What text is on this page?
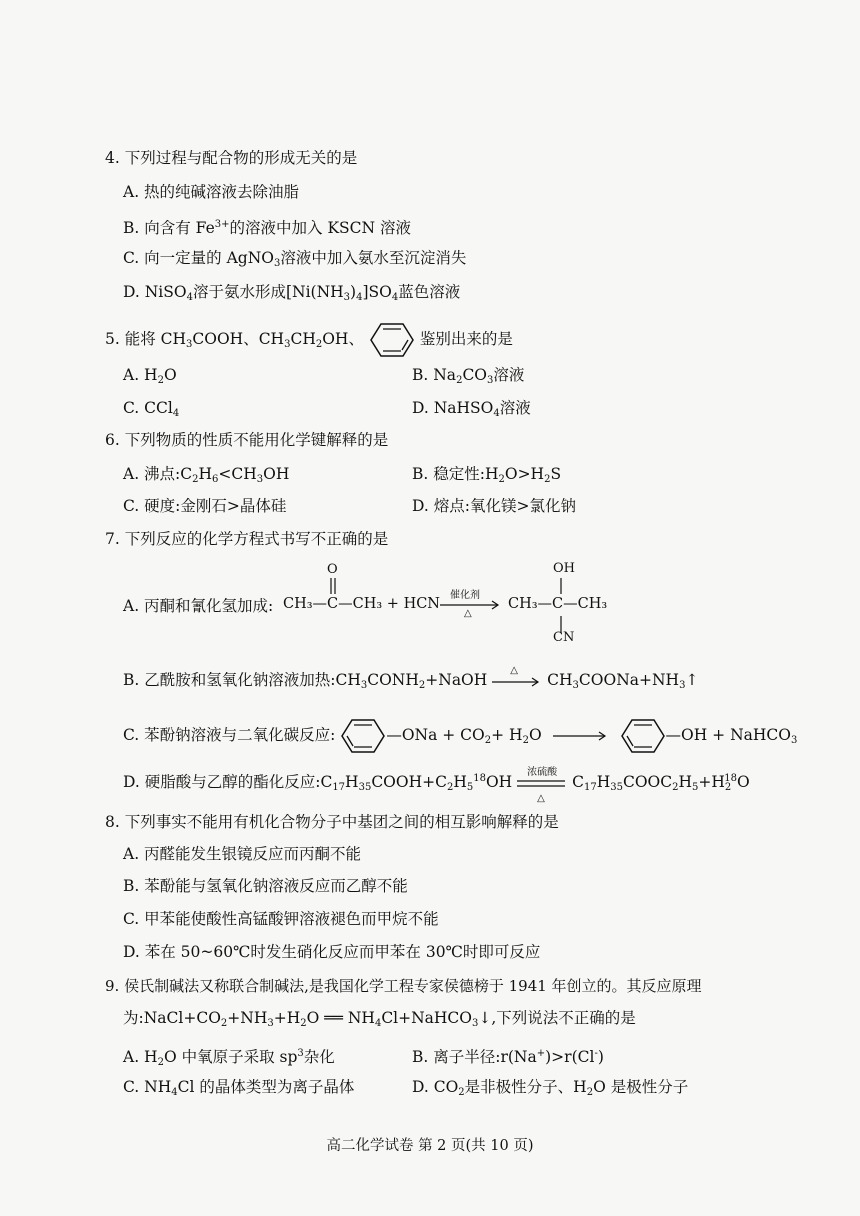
4. 下列过程与配合物的形成无关的是
A. 热的纯碱溶液去除油脂
B. 向含有 $Fe^{3+}$的溶液中加入 KSCN 溶液
C. 向一定量的 AgNO$_3$溶液中加入氨水至沉淀消失
D. NiSO$_4$溶于氨水形成$[Ni(NH_3)_4]SO_4$蓝色溶液
5. 能将 $CH_3COOH$、$CH_3CH_2OH$、	鉴别出来的是
A. $H_2O$	B. $Na_2CO_3$溶液
C. CCl$_4$	D. NaHSO$_4$溶液
6. 下列物质的性质不能用化学键解释的是
A. 沸点$:C_2H_6<CH_3OH$	B. 稳定性$:H_2O>H_2S$
C. 硬度:金刚石>晶体硅	D. 熔点:氧化镁>氯化钠
7. 下列反应的化学方程式书写不正确的是
A. 丙酮和氰化氢加成: CH₃—C—CH₃ + HCN
O
催化剂
△
CH₃—C—CH₃
OH
CN
B. 乙酰胺和氢氧化钠溶液加热$:CH_3CONH_2+NaOH$
△
$CH_3COONa+NH_3↑$
C. 苯酚钠溶液与二氧化碳反应:	—ONa + $CO_2+ H_2O$	—OH + NaHCO$_3$
D. 硬脂酸与乙醇的酯化反应$:C_{17}H_{35}COOH+C_2H_5^{18}OH$
浓硫酸
△
$C_{17}H_{35}COOC_2H_5+H_2^{18}O$
8. 下列事实不能用有机化合物分子中基团之间的相互影响解释的是
A. 丙醛能发生银镜反应而丙酮不能
B. 苯酚能与氢氧化钠溶液反应而乙醇不能
C. 甲苯能使酸性高锰酸钾溶液褪色而甲烷不能
D. 苯在 50~60℃时发生硝化反应而甲苯在 30℃时即可反应
9. 侯氏制碱法又称联合制碱法,是我国化学工程专家侯德榜于 1941 年创立的。其反应原理
为$:NaCl+CO_2+NH_3+H_2O$ ══ $NH_4Cl+NaHCO_3↓$,下列说法不正确的是
A. $H_2O$ 中氧原子采取 $sp^3$杂化	B. 离子半径:r(Na+)>r(Cl-)
C. $NH_4Cl$ 的晶体类型为离子晶体	D. $CO_2$是非极性分子、$H_2O$ 是极性分子
高二化学试卷 第 2 页(共 10 页)
